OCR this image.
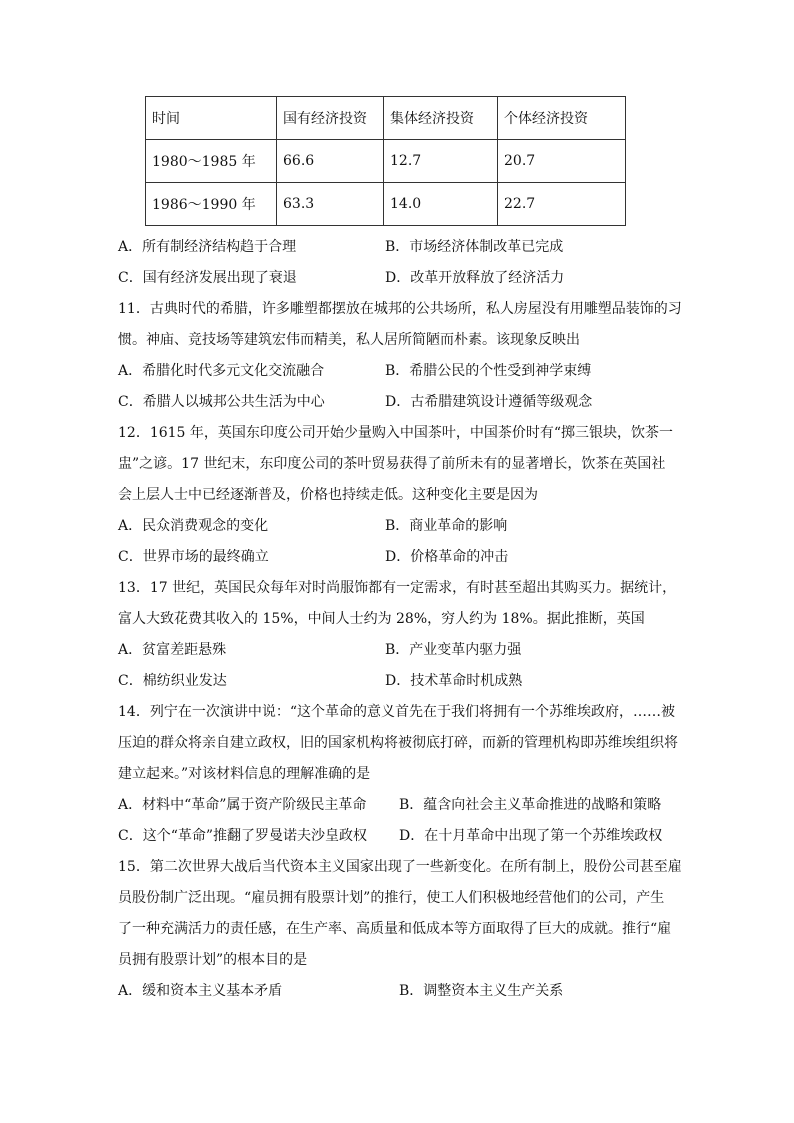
时间	国有经济投资	集体经济投资	个体经济投资
1980～1985 年	66.6	12.7	20.7
1986～1990 年	63.3	14.0	22.7
A．所有制经济结构趋于合理	B．市场经济体制改革已完成
C．国有经济发展出现了衰退	D．改革开放释放了经济活力
11．古典时代的希腊，许多雕塑都摆放在城邦的公共场所，私人房屋没有用雕塑品装饰的习
惯。神庙、竞技场等建筑宏伟而精美，私人居所简陋而朴素。该现象反映出
A．希腊化时代多元文化交流融合	B．希腊公民的个性受到神学束缚
C．希腊人以城邦公共生活为中心	D．古希腊建筑设计遵循等级观念
12．1615 年，英国东印度公司开始少量购入中国茶叶，中国茶价时有“掷三银块，饮茶一
盅”之谚。17 世纪末，东印度公司的茶叶贸易获得了前所未有的显著增长，饮茶在英国社
会上层人士中已经逐渐普及，价格也持续走低。这种变化主要是因为
A．民众消费观念的变化	B．商业革命的影响
C．世界市场的最终确立	D．价格革命的冲击
13．17 世纪，英国民众每年对时尚服饰都有一定需求，有时甚至超出其购买力。据统计，
富人大致花费其收入的 15%，中间人士约为 28%，穷人约为 18%。据此推断，英国
A．贫富差距悬殊	B．产业变革内驱力强
C．棉纺织业发达	D．技术革命时机成熟
14．列宁在一次演讲中说：“这个革命的意义首先在于我们将拥有一个苏维埃政府，……被
压迫的群众将亲自建立政权，旧的国家机构将被彻底打碎，而新的管理机构即苏维埃组织将
建立起来。”对该材料信息的理解准确的是
A．材料中“革命”属于资产阶级民主革命 B．蕴含向社会主义革命推进的战略和策略
C．这个“革命”推翻了罗曼诺夫沙皇政权 D．在十月革命中出现了第一个苏维埃政权
15．第二次世界大战后当代资本主义国家出现了一些新变化。在所有制上，股份公司甚至雇
员股份制广泛出现。“雇员拥有股票计划”的推行，使工人们积极地经营他们的公司，产生
了一种充满活力的责任感，在生产率、高质量和低成本等方面取得了巨大的成就。推行“雇
员拥有股票计划”的根本目的是
A．缓和资本主义基本矛盾	B．调整资本主义生产关系
